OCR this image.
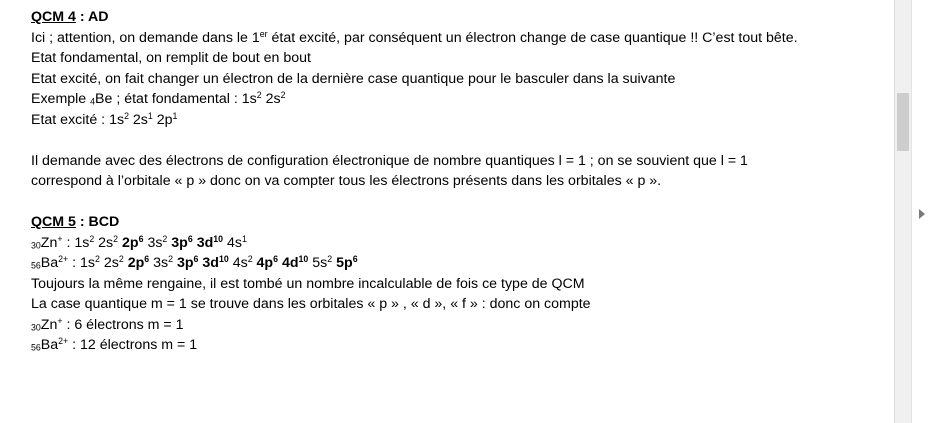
QCM 4 : AD
Ici ; attention, on demande dans le 1er état excité, par conséquent un électron change de case quantique !! C’est tout bête.
Etat fondamental, on remplit de bout en bout
Etat excité, on fait changer un électron de la dernière case quantique pour le basculer dans la suivante
Exemple $_4$Be ; état fondamental : $1s^2$ $2s^2$
Etat excité : $1s^2$ $2s^1$ $2p^1$
Il demande avec des électrons de configuration électronique de nombre quantiques l = 1 ; on se souvient que l = 1
correspond à l’orbitale « p » donc on va compter tous les électrons présents dans les orbitales « p ».
QCM 5 : BCD
$_{30}$Zn+ : $1s^2$ $2s^2$ $2p^6$ $3s^2$ $3p^6$ $3d^{10}$ $4s^1$
$_{56}Ba^{2+}$ : $1s^2$ $2s^2$ $2p^6$ $3s^2$ $3p^6$ $3d^{10}$ $4s^2$ $4p^6$ $4d^{10}$ $5s^2$ $5p^6$
Toujours la même rengaine, il est tombé un nombre incalculable de fois ce type de QCM
La case quantique m = 1 se trouve dans les orbitales « p » , « d », « f » : donc on compte
$_{30}$Zn+ : 6 électrons m = 1
$_{56}Ba^{2+}$ : 12 électrons m = 1
